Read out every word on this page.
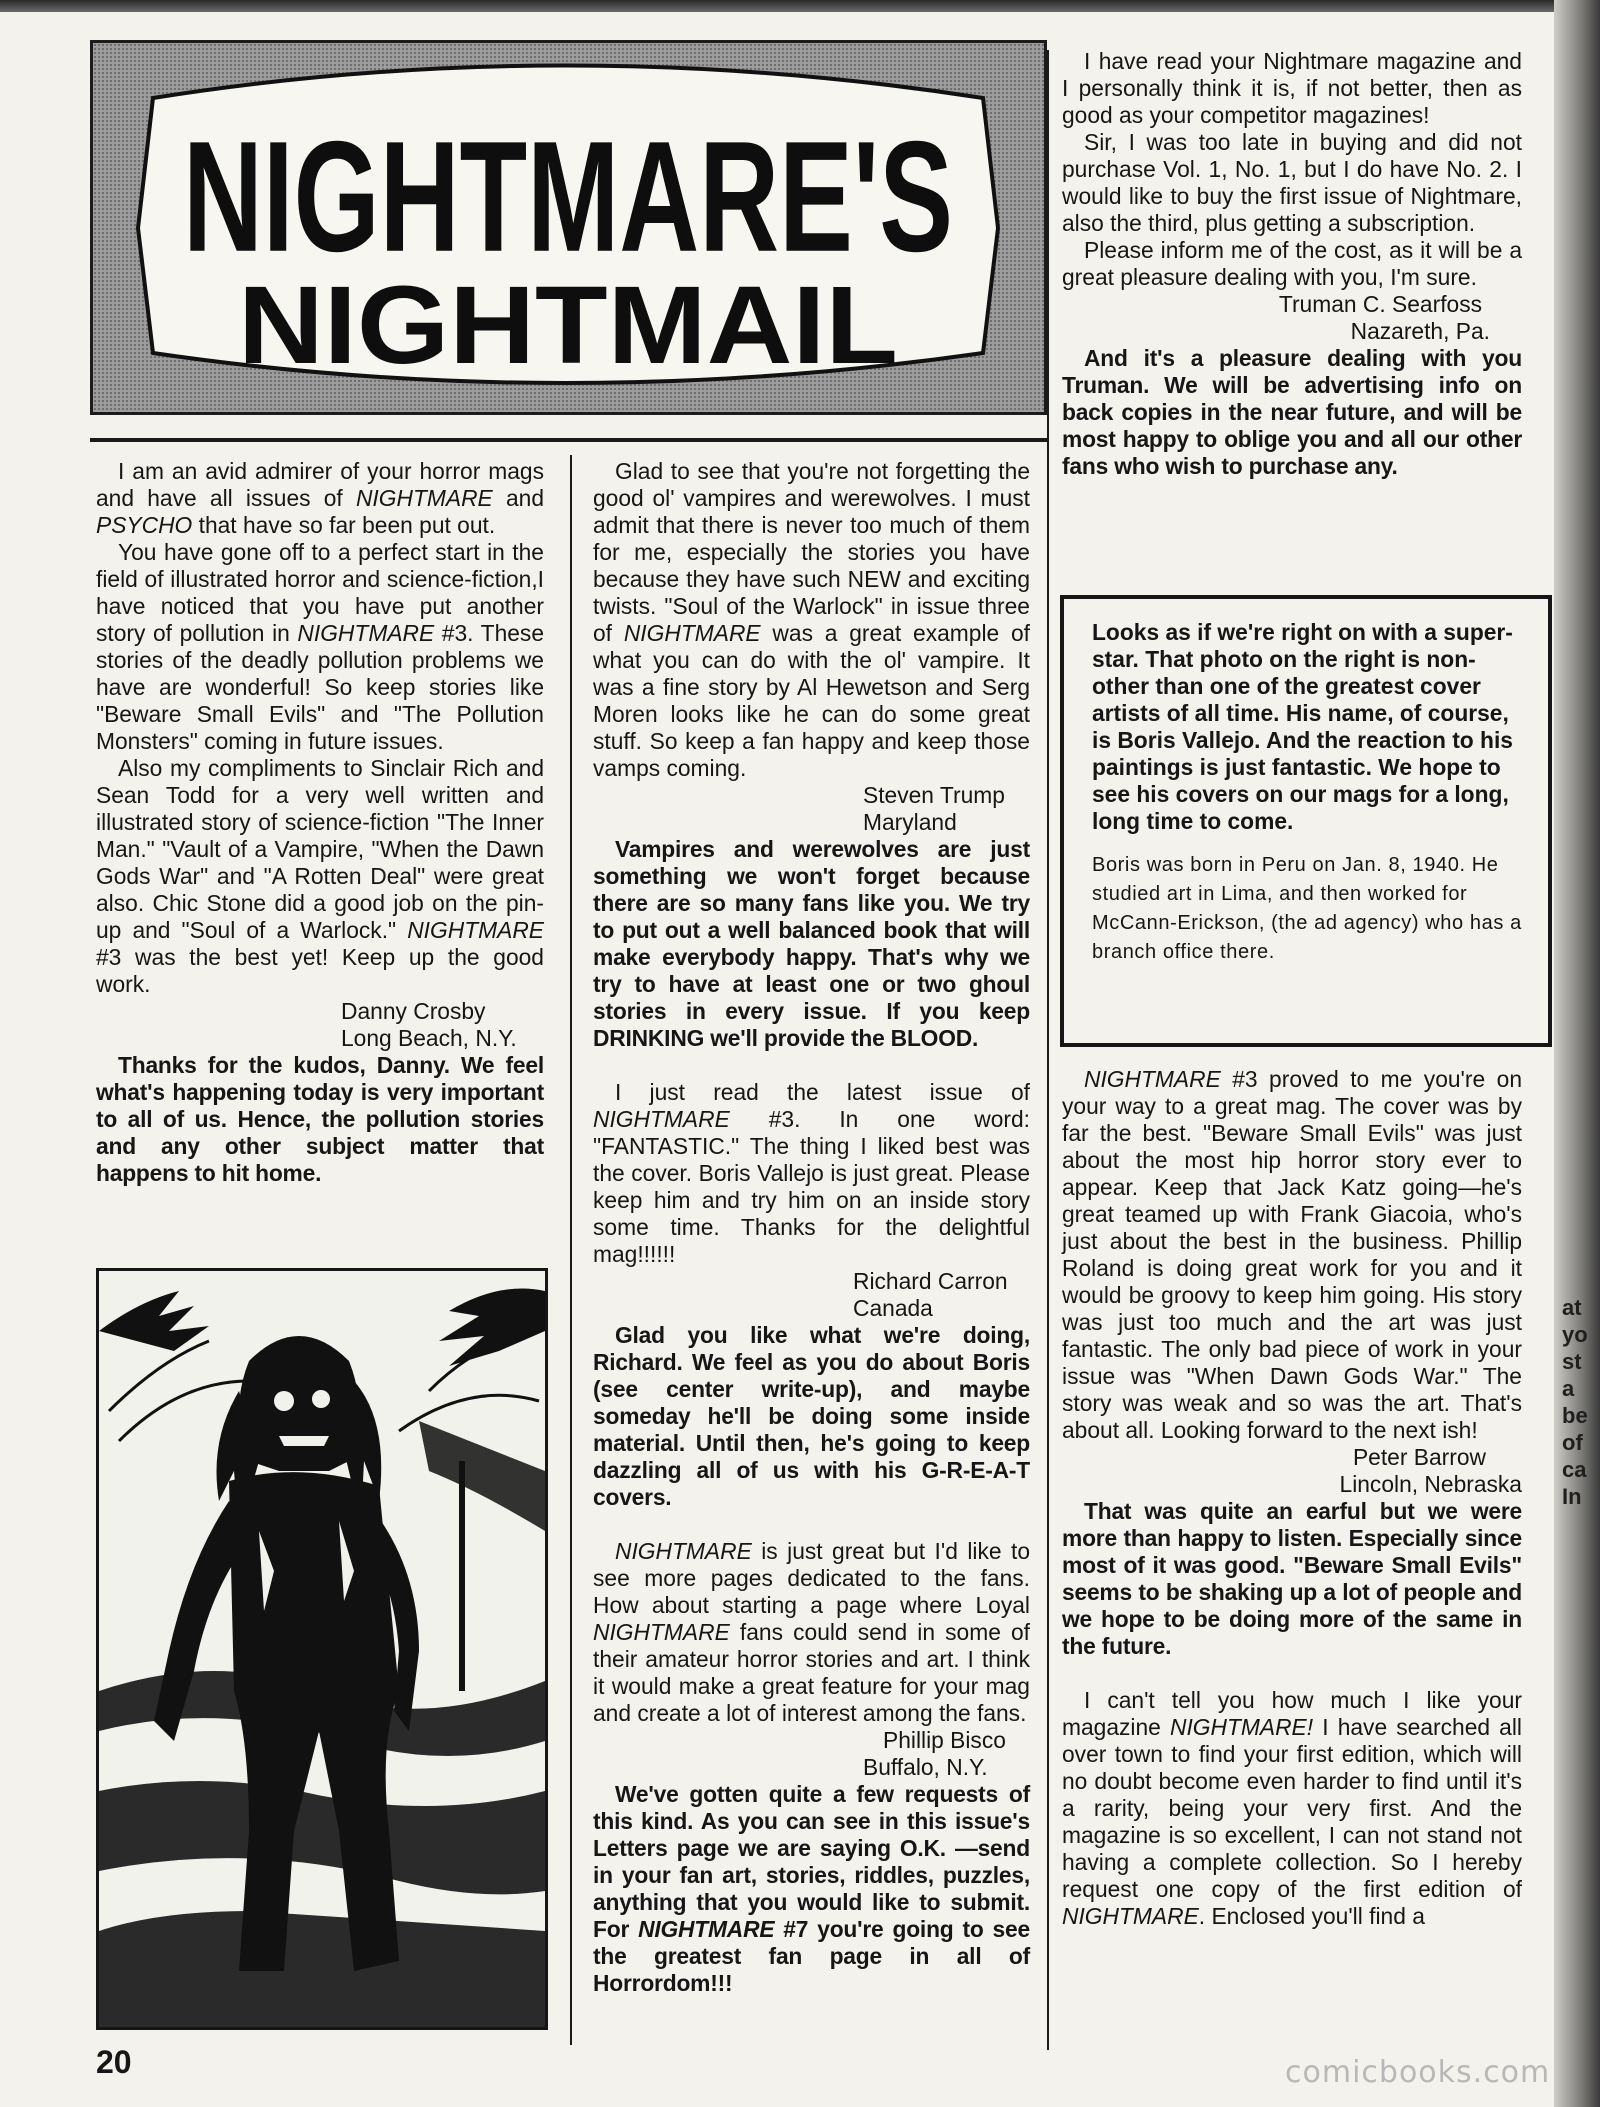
NIGHTMARE'S
NIGHTMAIL

I am an avid admirer of your horror mags and have all issues of NIGHTMARE and PSYCHO that have so far been put out.

You have gone off to a perfect start in the field of illustrated horror and science-fiction,I have noticed that you have put another story of pollution in NIGHTMARE #3. These stories of the deadly pollution problems we have are wonderful! So keep stories like "Beware Small Evils" and "The Pollution Monsters" coming in future issues.

Also my compliments to Sinclair Rich and Sean Todd for a very well written and illustrated story of science-fiction "The Inner Man." "Vault of a Vampire, "When the Dawn Gods War" and "A Rotten Deal" were great also. Chic Stone did a good job on the pin-up and "Soul of a Warlock." NIGHTMARE #3 was the best yet! Keep up the good work.

Danny Crosby

Long Beach, N.Y.

Thanks for the kudos, Danny. We feel what's happening today is very important to all of us. Hence, the pollution stories and any other subject matter that happens to hit home.

20

Glad to see that you're not forgetting the good ol' vampires and werewolves. I must admit that there is never too much of them for me, especially the stories you have because they have such NEW and exciting twists. "Soul of the Warlock" in issue three of NIGHTMARE was a great example of what you can do with the ol' vampire. It was a fine story by Al Hewetson and Serg Moren looks like he can do some great stuff. So keep a fan happy and keep those vamps coming.

Steven Trump

Maryland

Vampires and werewolves are just something we won't forget because there are so many fans like you. We try to put out a well balanced book that will make everybody happy. That's why we try to have at least one or two ghoul stories in every issue. If you keep DRINKING we'll provide the BLOOD.

I just read the latest issue of NIGHTMARE #3. In one word: "FANTASTIC." The thing I liked best was the cover. Boris Vallejo is just great. Please keep him and try him on an inside story some time. Thanks for the delightful mag!!!!!!

Richard Carron

Canada

Glad you like what we're doing, Richard. We feel as you do about Boris (see center write-up), and maybe someday he'll be doing some inside material. Until then, he's going to keep dazzling all of us with his G-R-E-A-T covers.

NIGHTMARE is just great but I'd like to see more pages dedicated to the fans. How about starting a page where Loyal NIGHTMARE fans could send in some of their amateur horror stories and art. I think it would make a great feature for your mag and create a lot of interest among the fans.

Phillip Bisco

Buffalo, N.Y.

We've gotten quite a few requests of this kind. As you can see in this issue's Letters page we are saying O.K. —send in your fan art, stories, riddles, puzzles, anything that you would like to submit. For NIGHTMARE #7 you're going to see the greatest fan page in all of Horrordom!!!

I have read your Nightmare magazine and I personally think it is, if not better, then as good as your competitor magazines!

Sir, I was too late in buying and did not purchase Vol. 1, No. 1, but I do have No. 2. I would like to buy the first issue of Nightmare, also the third, plus getting a subscription.

Please inform me of the cost, as it will be a great pleasure dealing with you, I'm sure.

Truman C. Searfoss

Nazareth, Pa.

And it's a pleasure dealing with you Truman. We will be advertising info on back copies in the near future, and will be most happy to oblige you and all our other fans who wish to purchase any.

Looks as if we're right on with a super-star. That photo on the right is non-other than one of the greatest cover artists of all time. His name, of course, is Boris Vallejo. And the reaction to his paintings is just fantastic. We hope to see his covers on our mags for a long, long time to come.

Boris was born in Peru on Jan. 8, 1940. He studied art in Lima, and then worked for McCann-Erickson, (the ad agency) who has a branch office there.

NIGHTMARE #3 proved to me you're on your way to a great mag. The cover was by far the best. "Beware Small Evils" was just about the most hip horror story ever to appear. Keep that Jack Katz going—he's great teamed up with Frank Giacoia, who's just about the best in the business. Phillip Roland is doing great work for you and it would be groovy to keep him going. His story was just too much and the art was just fantastic. The only bad piece of work in your issue was "When Dawn Gods War." The story was weak and so was the art. That's about all. Looking forward to the next ish!

Peter Barrow

Lincoln, Nebraska

That was quite an earful but we were more than happy to listen. Especially since most of it was good. "Beware Small Evils" seems to be shaking up a lot of people and we hope to be doing more of the same in the future.

I can't tell you how much I like your magazine NIGHTMARE! I have searched all over town to find your first edition, which will no doubt become even harder to find until it's a rarity, being your very first. And the magazine is so excellent, I can not stand not having a complete collection. So I hereby request one copy of the first edition of NIGHTMARE. Enclosed you'll find a

at
yo
st
a
be
of
ca
In
comicbooks.com
